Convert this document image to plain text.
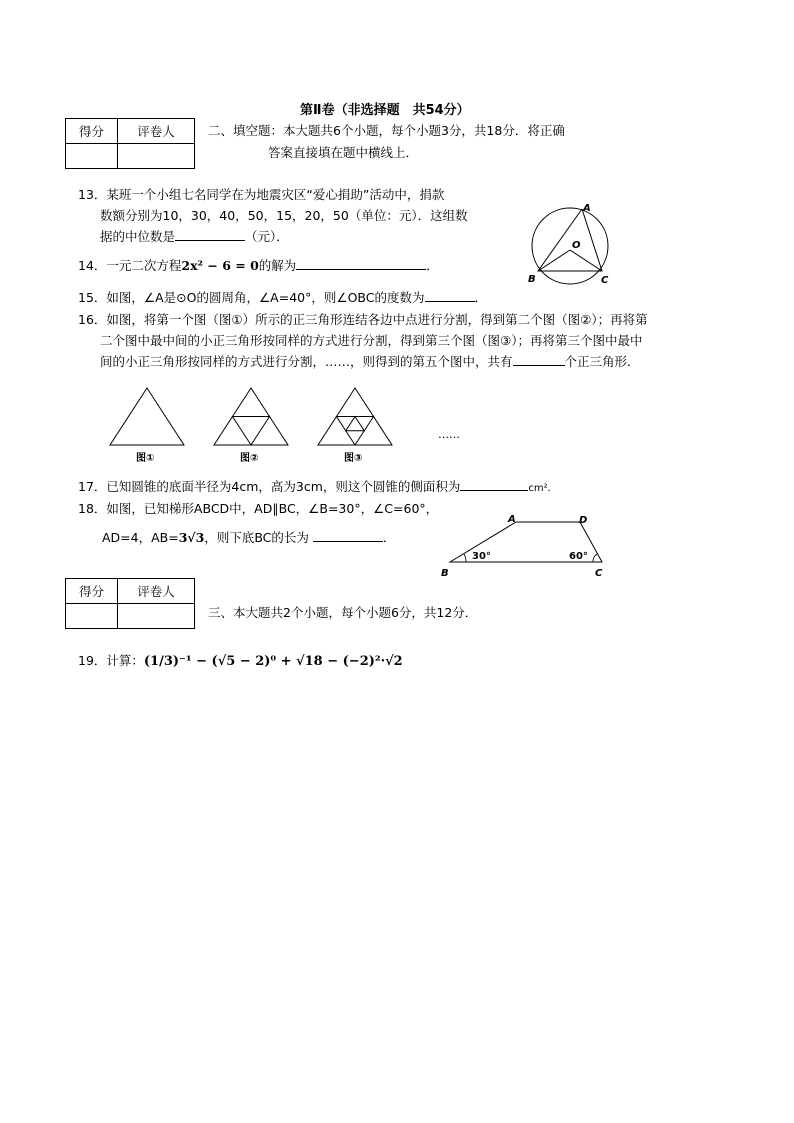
第Ⅱ卷（非选择题　共54分）
得分	评卷人
		二、填空题：本大题共6个小题，每个小题3分，共18分．将正确
答案直接填在题中横线上．
13．某班一个小组七名同学在为地震灾区“爱心捐助”活动中，捐款
数额分别为10，30，40，50，15，20，50（单位：元）．这组数
据的中位数是	（元）．
A
O
B	C
14．一元二次方程2x² − 6 = 0的解为	．
15．如图，∠A是⊙O的圆周角，∠A=40°，则∠OBC的度数为	．
16．如图，将第一个图（图①）所示的正三角形连结各边中点进行分割，得到第二个图（图②）；再将第
二个图中最中间的小正三角形按同样的方式进行分割，得到第三个图（图③）；再将第三个图中最中
间的小正三角形按同样的方式进行分割，……，则得到的第五个图中，共有	个正三角形．
图①	图②	图③
……
17．已知圆锥的底面半径为4cm，高为3cm，则这个圆锥的侧面积为	cm²．
18．如图，已知梯形ABCD中，AD∥BC，∠B=30°，∠C=60°，
AD=4，AB=3√3，则下底BC的长为	．
A	D
B	C
30°	60°
得分	评卷人

三、本大题共2个小题，每个小题6分，共12分．
19．计算：(1/3)⁻¹ − (√5 − 2)⁰ + √18 − (−2)²·√2
